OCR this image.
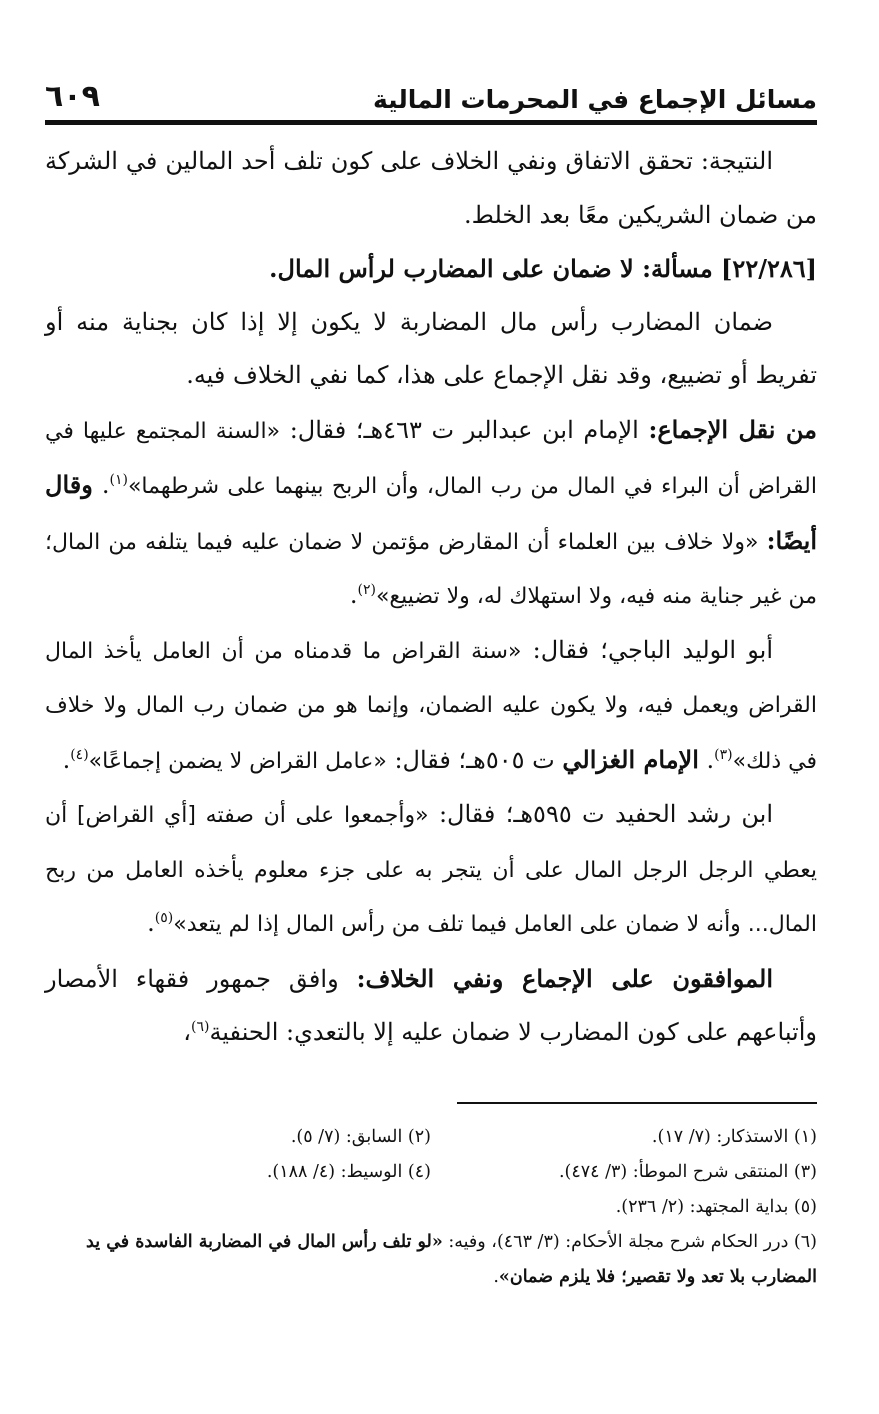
مسائل الإجماع في المحرمات المالية
٦٠٩

النتيجة: تحقق الاتفاق ونفي الخلاف على كون تلف أحد المالين في الشركة من ضمان الشريكين معًا بعد الخلط.

[٢٢/٢٨٦] مسألة: لا ضمان على المضارب لرأس المال.

ضمان المضارب رأس مال المضاربة لا يكون إلا إذا كان بجناية منه أو تفريط أو تضييع، وقد نقل الإجماع على هذا، كما نفي الخلاف فيه.

من نقل الإجماع: الإمام ابن عبدالبر ت ٤٦٣هـ؛ فقال: «السنة المجتمع عليها في القراض أن البراء في المال من رب المال، وأن الربح بينهما على شرطهما»$^{(١)}$. وقال أيضًا: «ولا خلاف بين العلماء أن المقارض مؤتمن لا ضمان عليه فيما يتلفه من المال؛ من غير جناية منه فيه، ولا استهلاك له، ولا تضييع»$^{(٢)}$.

أبو الوليد الباجي؛ فقال: «سنة القراض ما قدمناه من أن العامل يأخذ المال القراض ويعمل فيه، ولا يكون عليه الضمان، وإنما هو من ضمان رب المال ولا خلاف في ذلك»$^{(٣)}$. الإمام الغزالي ت ٥٠٥هـ؛ فقال: «عامل القراض لا يضمن إجماعًا»$^{(٤)}$.

ابن رشد الحفيد ت ٥٩٥هـ؛ فقال: «وأجمعوا على أن صفته [أي القراض] أن يعطي الرجل الرجل المال على أن يتجر به على جزء معلوم يأخذه العامل من ربح المال... وأنه لا ضمان على العامل فيما تلف من رأس المال إذا لم يتعد»$^{(٥)}$.

الموافقون على الإجماع ونفي الخلاف: وافق جمهور فقهاء الأمصار وأتباعهم على كون المضارب لا ضمان عليه إلا بالتعدي: الحنفية$^{(٦)}$،

(١) الاستذكار: (٧/ ١٧).
(٢) السابق: (٧/ ٥).
(٣) المنتقى شرح الموطأ: (٣/ ٤٧٤).
(٤) الوسيط: (٤/ ١٨٨).
(٥) بداية المجتهد: (٢/ ٢٣٦).
(٦) درر الحكام شرح مجلة الأحكام: (٣/ ٤٦٣)، وفيه: «لو تلف رأس المال في المضاربة الفاسدة في يد المضارب بلا تعد ولا تقصير؛ فلا يلزم ضمان».
